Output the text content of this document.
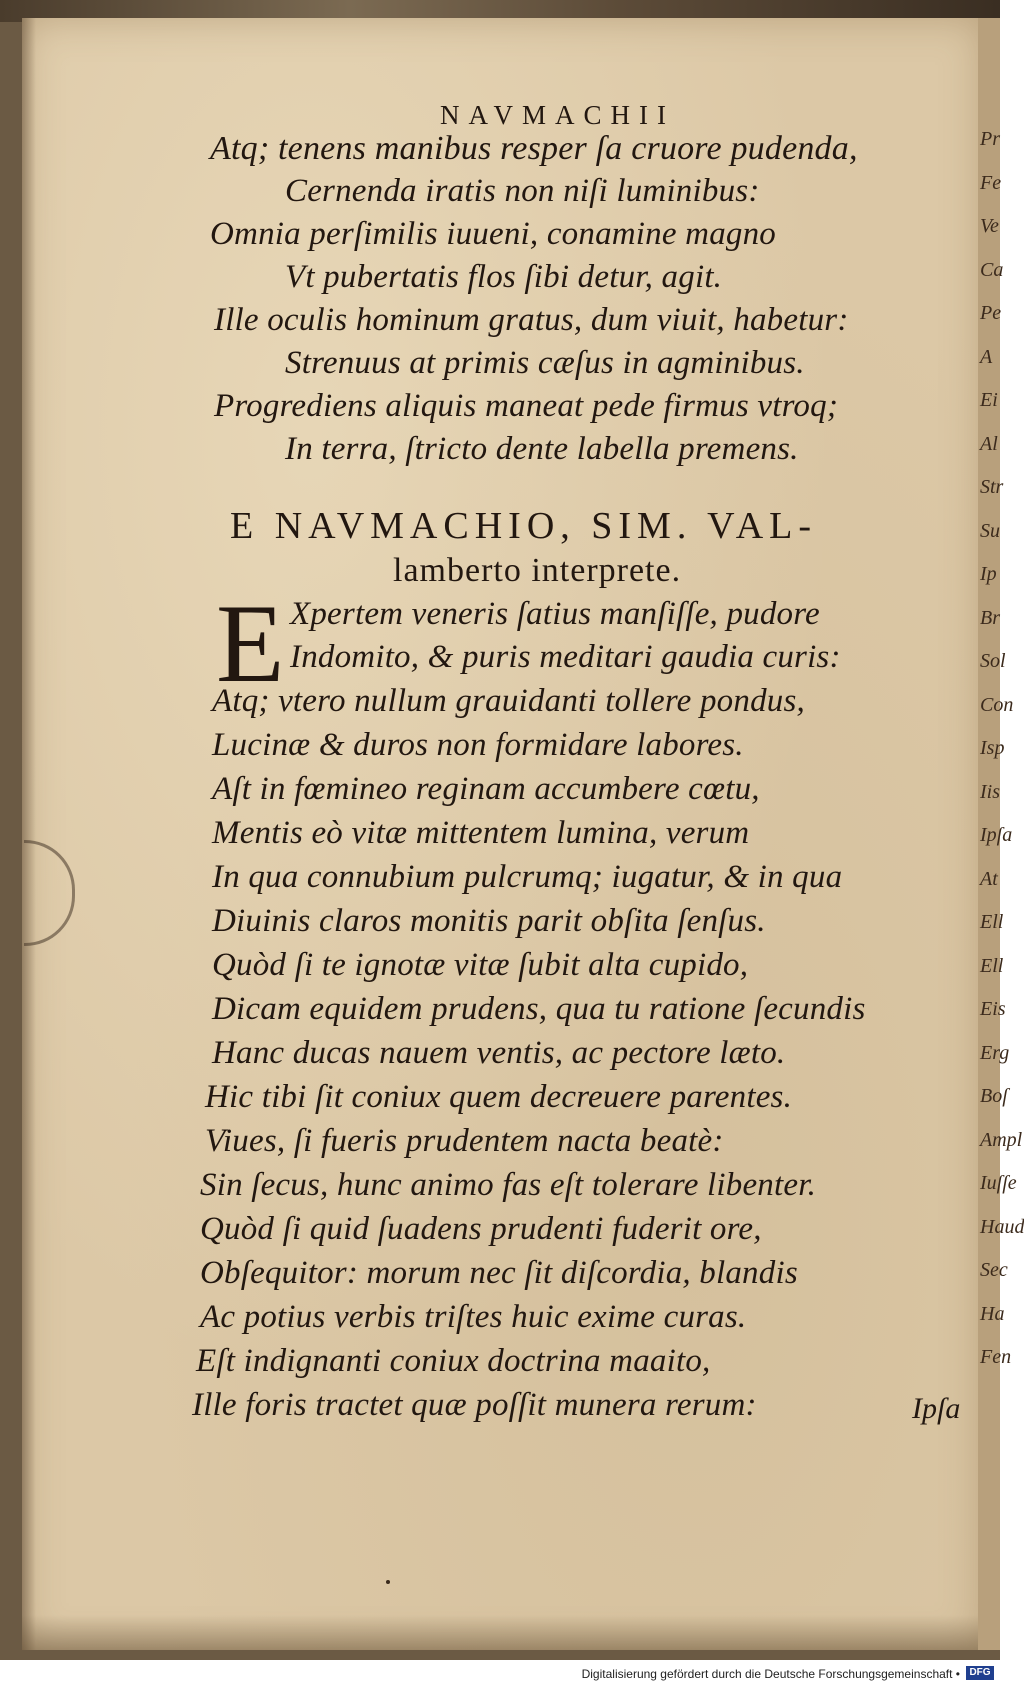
Pr
Fe
Ve
Ca
Pe
A
Ei
Al
Str
Su
Ip
Br
Sol
Con
Isp
Iis
Ipſa
At
Ell
Ell
Eis
Erg
Boſ
Ampl
Iuſſe
Haud
Sec
Ha
Fen
NAVMACHII
Atq; tenens manibus resper ſa cruore pudenda,
Cernenda iratis non niſi luminibus:
Omnia perſimilis iuueni, conamine magno
Vt pubertatis flos ſibi detur, agit.
Ille oculis hominum gratus, dum viuit, habetur:
Strenuus at primis cæſus in agminibus.
Progrediens aliquis maneat pede firmus vtroq;
In terra, ſtricto dente labella premens.
E NAVMACHIO, SIM. VAL-
lamberto interprete.
E Xpertem veneris ſatius manſiſſe, pudore
Indomito, & puris meditari gaudia curis:
Atq; vtero nullum grauidanti tollere pondus,
Lucinæ & duros non formidare labores.
Aſt in fœmineo reginam accumbere cœtu,
Mentis eò vitæ mittentem lumina, verum
In qua connubium pulcrumq; iugatur, & in qua
Diuinis claros monitis parit obſita ſenſus.
Quòd ſi te ignotæ vitæ ſubit alta cupido,
Dicam equidem prudens, qua tu ratione ſecundis
Hanc ducas nauem ventis, ac pectore læto.
Hic tibi ſit coniux quem decreuere parentes.
Viues, ſi fueris prudentem nacta beatè:
Sin ſecus, hunc animo fas eſt tolerare libenter.
Quòd ſi quid ſuadens prudenti fuderit ore,
Obſequitor: morum nec ſit diſcordia, blandis
Ac potius verbis triſtes huic exime curas.
Eſt indignanti coniux doctrina maaito,
Ille foris tractet quæ poſſit munera rerum:	Ipſa
Digitalisierung gefördert durch die Deutsche Forschungsgemeinschaft • DFG
